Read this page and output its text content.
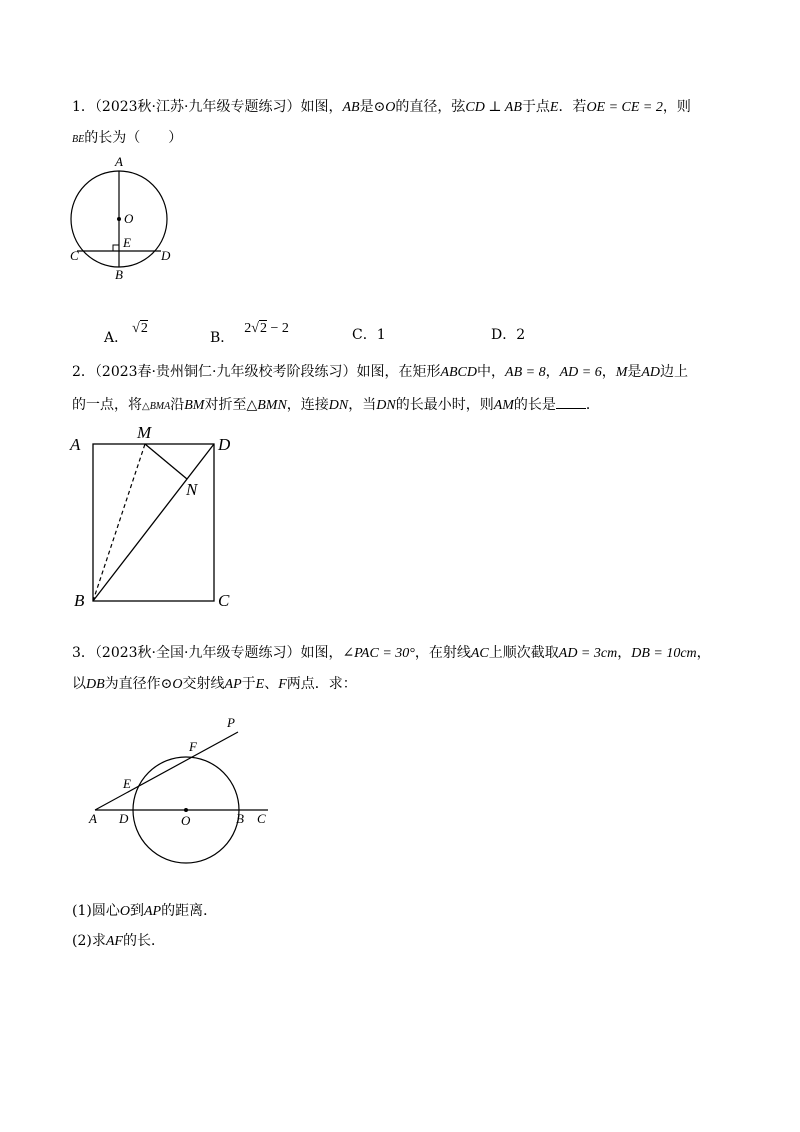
1．（2023秋·江苏·九年级专题练习）如图，AB是⊙O的直径，弦CD ⊥ AB于点E．若OE = CE = 2，则
BE的长为（　　）
A
O
E
C	D
B
A．√2
B．2√2 − 2	C．1	D．2
2．（2023春·贵州铜仁·九年级校考阶段练习）如图，在矩形ABCD中，AB = 8，AD = 6，M是AD边上
的一点，将△BMA沿BM对折至△BMN，连接DN，当DN的长最小时，则AM的长是 ．
A
M
D
N
B	C
3．（2023秋·全国·九年级专题练习）如图，∠PAC = 30°，在射线AC上顺次截取AD = 3cm，DB = 10cm，
以DB为直径作⊙O交射线AP于E、F两点．求：
P
F
E
A D	O	B C
(1)圆心O到AP的距离．
(2)求AF的长．
